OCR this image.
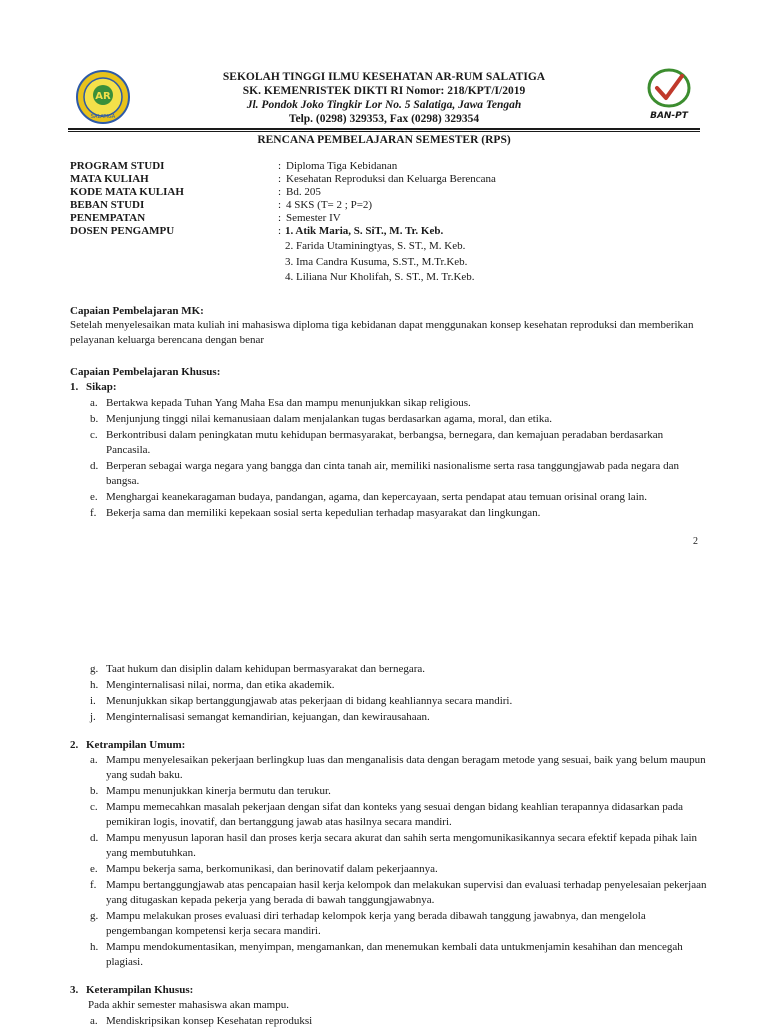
AR
SALATIGA	BAN-PT
SEKOLAH TINGGI ILMU KESEHATAN AR-RUM SALATIGA
SK. KEMENRISTEK DIKTI RI Nomor: 218/KPT/I/2019
Jl. Pondok Joko Tingkir Lor No. 5 Salatiga, Jawa Tengah
Telp. (0298) 329353, Fax (0298) 329354
RENCANA PEMBELAJARAN SEMESTER (RPS)
PROGRAM STUDI	: Diploma Tiga Kebidanan
MATA KULIAH	: Kesehatan Reproduksi dan Keluarga Berencana
KODE MATA KULIAH	: Bd. 205
BEBAN STUDI	: 4 SKS (T= 2 ; P=2)
PENEMPATAN	: Semester IV
DOSEN PENGAMPU	: 1. Atik Maria, S. SiT., M. Tr. Keb.
2. Farida Utaminingtyas, S. ST., M. Keb.
3. Ima Candra Kusuma, S.ST., M.Tr.Keb.
4. Liliana Nur Kholifah, S. ST., M. Tr.Keb.
Capaian Pembelajaran MK:
Setelah menyelesaikan mata kuliah ini mahasiswa diploma tiga kebidanan dapat menggunakan konsep kesehatan reproduksi dan memberikan pelayanan keluarga berencana dengan benar
Capaian Pembelajaran Khusus:
1. Sikap:
a. Bertakwa kepada Tuhan Yang Maha Esa dan mampu menunjukkan sikap religious.
b. Menjunjung tinggi nilai kemanusiaan dalam menjalankan tugas berdasarkan agama, moral, dan etika.
c. Berkontribusi dalam peningkatan mutu kehidupan bermasyarakat, berbangsa, bernegara, dan kemajuan peradaban berdasarkan Pancasila.
d. Berperan sebagai warga negara yang bangga dan cinta tanah air, memiliki nasionalisme serta rasa tanggungjawab pada negara dan bangsa.
e. Menghargai keanekaragaman budaya, pandangan, agama, dan kepercayaan, serta pendapat atau temuan orisinal orang lain.
f. Bekerja sama dan memiliki kepekaan sosial serta kepedulian terhadap masyarakat dan lingkungan.
2
g. Taat hukum dan disiplin dalam kehidupan bermasyarakat dan bernegara.
h. Menginternalisasi nilai, norma, dan etika akademik.
i. Menunjukkan sikap bertanggungjawab atas pekerjaan di bidang keahliannya secara mandiri.
j. Menginternalisasi semangat kemandirian, kejuangan, dan kewirausahaan.
2. Ketrampilan Umum:
a. Mampu menyelesaikan pekerjaan berlingkup luas dan menganalisis data dengan beragam metode yang sesuai, baik yang belum maupun yang sudah baku.
b. Mampu menunjukkan kinerja bermutu dan terukur.
c. Mampu memecahkan masalah pekerjaan dengan sifat dan konteks yang sesuai dengan bidang keahlian terapannya didasarkan pada pemikiran logis, inovatif, dan bertanggung jawab atas hasilnya secara mandiri.
d. Mampu menyusun laporan hasil dan proses kerja secara akurat dan sahih serta mengomunikasikannya secara efektif kepada pihak lain yang membutuhkan.
e. Mampu bekerja sama, berkomunikasi, dan berinovatif dalam pekerjaannya.
f. Mampu bertanggungjawab atas pencapaian hasil kerja kelompok dan melakukan supervisi dan evaluasi terhadap penyelesaian pekerjaan yang ditugaskan kepada pekerja yang berada di bawah tanggungjawabnya.
g. Mampu melakukan proses evaluasi diri terhadap kelompok kerja yang berada dibawah tanggung jawabnya, dan mengelola pengembangan kompetensi kerja secara mandiri.
h. Mampu mendokumentasikan, menyimpan, mengamankan, dan menemukan kembali data untukmenjamin kesahihan dan mencegah plagiasi.
3. Keterampilan Khusus:
Pada akhir semester mahasiswa akan mampu.
a. Mendiskripsikan konsep Kesehatan reproduksi
